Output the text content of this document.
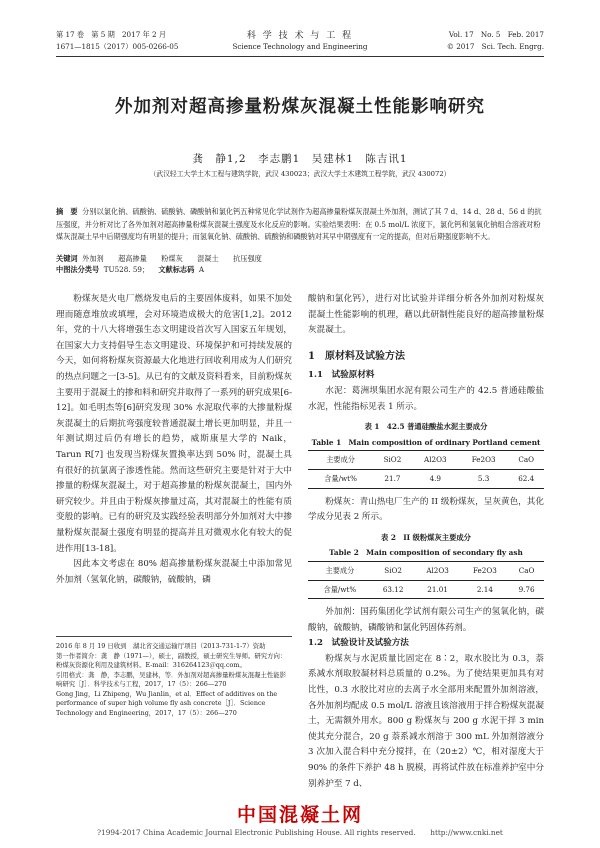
第 17 卷　第 5 期　2017 年 2 月
1671—1815（2017）005-0266-05
科 学 技 术 与 工 程
Science Technology and Engineering
Vol. 17　No. 5　Feb. 2017
© 2017　Sci. Tech. Engrg.
外加剂对超高掺量粉煤灰混凝土性能影响研究
龚　静1,2　李志鹏1　吴建林1　陈吉讯1
（武汉轻工大学土木工程与建筑学院，武汉 430023；武汉大学土木建筑工程学院，武汉 430072）
摘　要 分别以氯化钠、硫酸钠、硫酸钠、磷酸钠和氯化钙五种常见化学试剂作为超高掺量粉煤灰混凝土外加剂，测试了其 7 d、14 d、28 d、56 d 的抗压强度，并分析对比了各外加剂对超高掺量粉煤灰混凝土强度及水化反应的影响。实验结果表明：在 0.5 mol/L 浓度下，氯化钙和氢氧化钠组合溶液对粉煤灰混凝土早中后期强度均有明显的提升；而氢氧化钠、硫酸钠、硫酸钠和磷酸钠对其早中期强度有一定的提高，但对后期强度影响不大。
关键词 外加剂　　超高掺量　　粉煤灰　　混凝土　　抗压强度
中图法分类号 TU528. 59； 文献标志码 A

粉煤灰是火电厂燃烧发电后的主要固体废料，如果不加处理而随意堆放或填埋，会对环境造成极大的危害[1,2]。2012 年，党的十八大将增强生态文明建设首次写入国家五年规划，在国家大力支持倡导生态文明建设、环境保护和可持续发展的今天，如何将粉煤灰资源最大化地进行回收利用成为人们研究的热点问题之一[3-5]。从已有的文献及资料看来，目前粉煤灰主要用于混凝土的掺和料和研究并取得了一系列的研究成果[6-12]。如毛明杰等[6]研究发现 30% 水泥取代率的大掺量粉煤灰混凝土的后期抗弯强度较普通混凝土增长更加明显，并且一年测试期过后仍有增长的趋势，威斯康星大学的 Naik，Tarun R[7] 也发现当粉煤灰置换率达到 50% 时，混凝土具有很好的抗氯离子渗透性能。然而这些研究主要是针对于大中掺量的粉煤灰混凝土，对于超高掺量的粉煤灰混凝土，国内外研究较少。并且由于粉煤灰掺量过高，其对混凝土的性能有质变般的影响。已有的研究及实践经验表明部分外加剂对大中掺量粉煤灰混凝土强度有明显的提高并且对微观水化有较大的促进作用[13-18]。

因此本文考虑在 80% 超高掺量粉煤灰混凝土中添加常见外加剂（氢氧化钠，碳酸钠，硫酸钠，磷

2016 年 8 月 19 日收到　湖北省交通运输厅项目（2013-731-1-7）资助
第一作者简介：龚　静（1971—），硕士，副教授，硕士研究生导师。研究方向：粉煤灰资源化利用及建筑材料。E-mail：316264123＠qq.com。
引用格式：龚　静，李志鹏，吴建林，等．外加剂对超高掺量粉煤灰混凝土性能影响研究［J］．科学技术与工程，2017，17（5）：266—270
Gong Jing，Li Zhipeng，Wu Jianlin，et al．Effect of additives on the performance of super high volume fly ash concrete［J］．Science Technology and Engineering，2017，17（5）：266—270

酸钠和氯化钙），进行对比试验并详细分析各外加剂对粉煤灰混凝土性能影响的机理，藉以此研制性能良好的超高掺量粉煤灰混凝土。

1　原材料及试验方法
1.1　试验原材料

水泥：葛洲坝集团水泥有限公司生产的 42.5 普通硅酸盐水泥，性能指标见表 1 所示。

表 1　42.5 普通硅酸盐水泥主要成分
Table 1　Main composition of ordinary Portland cement
主要成分	SiO2	Al2O3	Fe2O3	CaO
含量/wt%	21.7	4.9	5.3	62.4

粉煤灰：青山热电厂生产的 II 级粉煤灰，呈灰黄色，其化学成分见表 2 所示。

表 2　II 级粉煤灰主要成分
Table 2　Main composition of secondary fly ash
主要成分	SiO2	Al2O3	Fe2O3	CaO
含量/wt%	63.12	21.01	2.14	9.76

外加剂：国药集团化学试剂有限公司生产的氢氧化钠，碳酸钠，硫酸钠，磷酸钠和氯化钙固体药剂。

1.2　试验设计及试验方法

粉煤灰与水泥质量比固定在 8∶2，取水胶比为 0.3，萘系减水剂取胶凝材料总质量的 0.2%。为了使结果更加具有对比性，0.3 水胶比对应的去离子水全部用来配置外加剂溶液，各外加剂均配成 0.5 mol/L 溶液且该溶液用于拌合粉煤灰混凝土，无需额外用水。800 g 粉煤灰与 200 g 水泥干拌 3 min 使其充分混合，20 g 萘系减水剂溶于 300 mL 外加剂溶液分 3 次加入混合料中充分搅拌，在（20±2）℃，相对湿度大于 90% 的条件下养护 48 h 脱模，再将试件放在标准养护室中分别养护至 7 d、

中国混凝土网
?1994-2017 China Academic Journal Electronic Publishing House. All rights reserved.　　http://www.cnki.net
